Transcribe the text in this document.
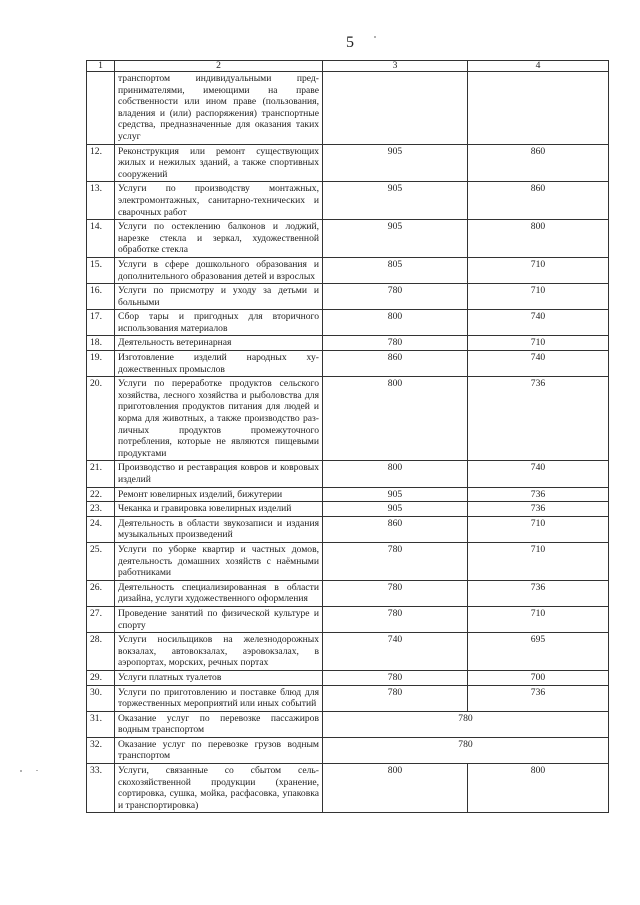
5
1	2	3	4
	транспортом индивидуальными предпринимателями, имеющими на праве собственности или ином праве (пользования, владения и (или) распоряжения) транспортные средства, предназначенные для оказания таких услуг		
12.	Реконструкция или ремонт существующих жилых и нежилых зданий, а также спортивных сооружений	905	860
13.	Услуги по производству монтажных, электромонтажных, санитарно-технических и сварочных работ	905	860
14.	Услуги по остеклению балконов и лоджий, нарезке стекла и зеркал, художественной обработке стекла	905	800
15.	Услуги в сфере дошкольного образования и дополнительного образования детей и взрослых	805	710
16.	Услуги по присмотру и уходу за детьми и больными	780	710
17.	Сбор тары и пригодных для вторичного использования материалов	800	740
18.	Деятельность ветеринарная	780	710
19.	Изготовление изделий народных художественных промыслов	860	740
20.	Услуги по переработке продуктов сельского хозяйства, лесного хозяйства и рыболовства для приготовления продуктов питания для людей и корма для животных, а также производство различных продуктов промежуточного потребления, которые не являются пищевыми продуктами	800	736
21.	Производство и реставрация ковров и ковровых изделий	800	740
22.	Ремонт ювелирных изделий, бижутерии	905	736
23.	Чеканка и гравировка ювелирных изделий	905	736
24.	Деятельность в области звукозаписи и издания музыкальных произведений	860	710
25.	Услуги по уборке квартир и частных домов, деятельность домашних хозяйств с наёмными работниками	780	710
26.	Деятельность специализированная в области дизайна, услуги художественного оформления	780	736
27.	Проведение занятий по физической культуре и спорту	780	710
28.	Услуги носильщиков на железнодорожных вокзалах, автовокзалах, аэровокзалах, в аэропортах, морских, речных портах	740	695
29.	Услуги платных туалетов	780	700
30.	Услуги по приготовлению и поставке блюд для торжественных мероприятий или иных событий	780	736
31.	Оказание услуг по перевозке пассажиров водным транспортом	780	
32.	Оказание услуг по перевозке грузов водным транспортом	780	
33.	Услуги, связанные со сбытом сельскохозяйственной продукции (хранение, сортировка, сушка, мойка, расфасовка, упаковка и транспортировка)	800	800
